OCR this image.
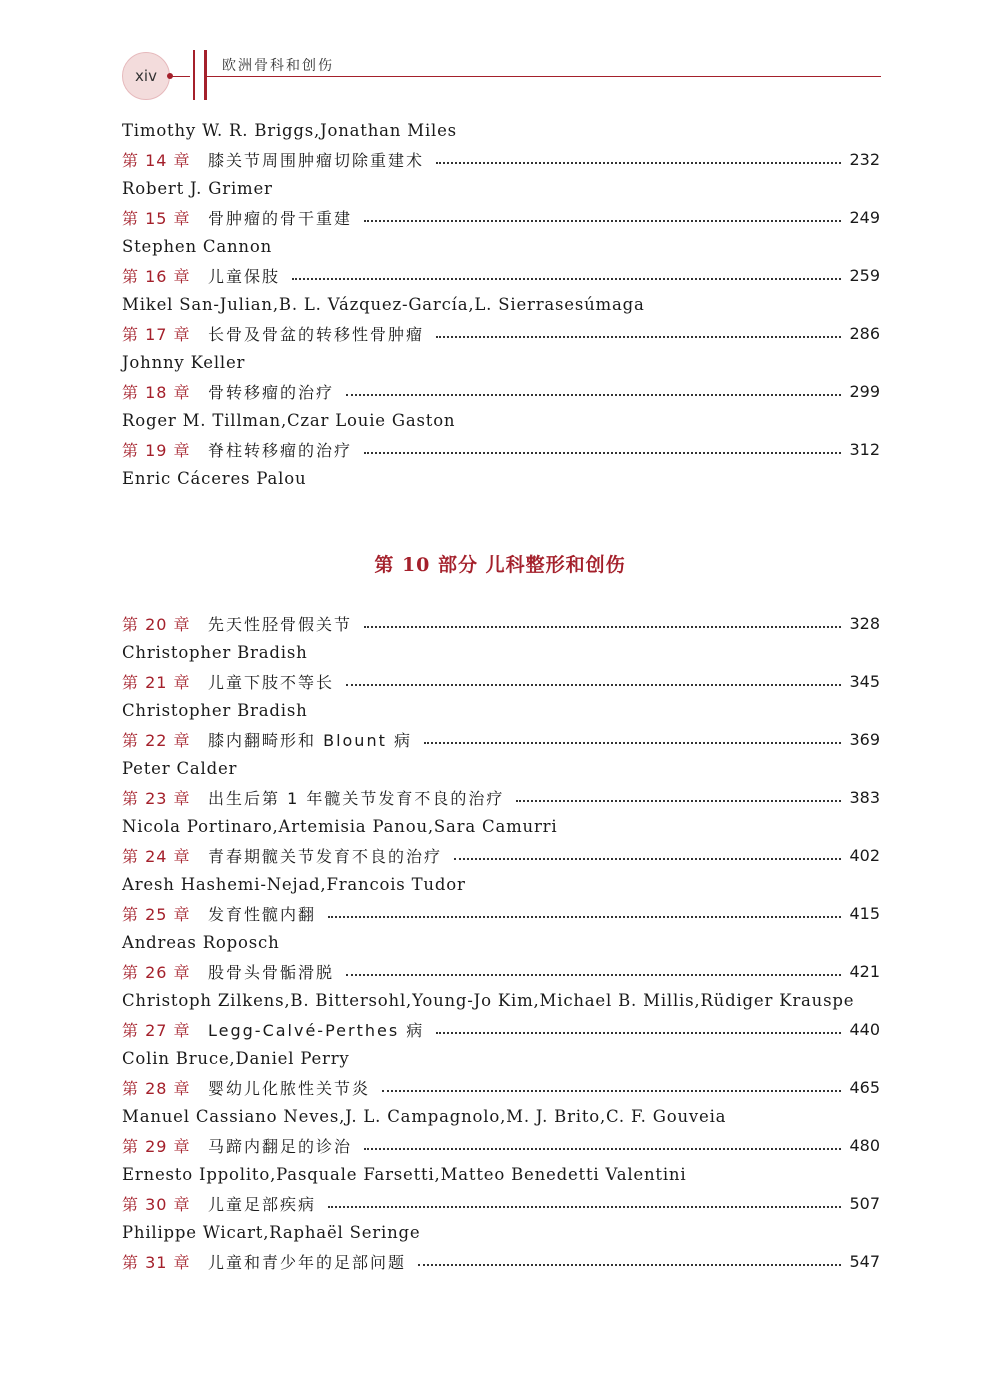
xiv
欧洲骨科和创伤
Timothy W. R. Briggs,Jonathan Miles
第 14 章	膝关节周围肿瘤切除重建术	232
Robert J. Grimer
第 15 章	骨肿瘤的骨干重建	249
Stephen Cannon
第 16 章	儿童保肢	259
Mikel San-Julian,B. L. Vázquez-García,L. Sierrasesúmaga
第 17 章	长骨及骨盆的转移性骨肿瘤	286
Johnny Keller
第 18 章	骨转移瘤的治疗	299
Roger M. Tillman,Czar Louie Gaston
第 19 章	脊柱转移瘤的治疗	312
Enric Cáceres Palou
第 10 部分 儿科整形和创伤
第 20 章	先天性胫骨假关节	328
Christopher Bradish
第 21 章	儿童下肢不等长	345
Christopher Bradish
第 22 章	膝内翻畸形和 Blount 病	369
Peter Calder
第 23 章	出生后第 1 年髋关节发育不良的治疗	383
Nicola Portinaro,Artemisia Panou,Sara Camurri
第 24 章	青春期髋关节发育不良的治疗	402
Aresh Hashemi-Nejad,Francois Tudor
第 25 章	发育性髋内翻	415
Andreas Roposch
第 26 章	股骨头骨骺滑脱	421
Christoph Zilkens,B. Bittersohl,Young-Jo Kim,Michael B. Millis,Rüdiger Krauspe
第 27 章	Legg-Calvé-Perthes 病	440
Colin Bruce,Daniel Perry
第 28 章	婴幼儿化脓性关节炎	465
Manuel Cassiano Neves,J. L. Campagnolo,M. J. Brito,C. F. Gouveia
第 29 章	马蹄内翻足的诊治	480
Ernesto Ippolito,Pasquale Farsetti,Matteo Benedetti Valentini
第 30 章	儿童足部疾病	507
Philippe Wicart,Raphaël Seringe
第 31 章	儿童和青少年的足部问题	547
